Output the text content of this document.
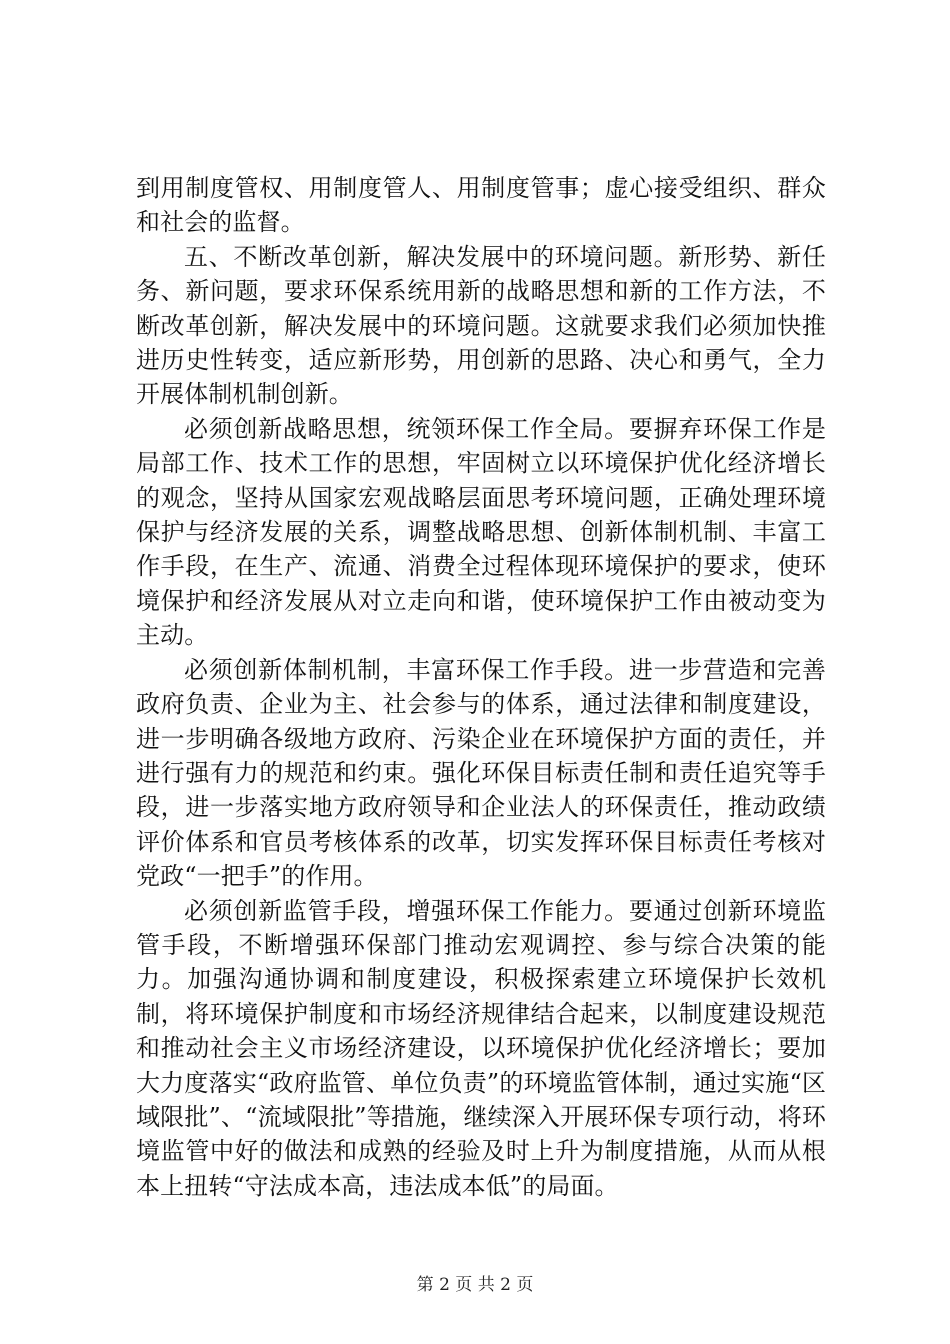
到用制度管权、用制度管人、用制度管事；虚心接受组织、群众和社会的监督。

五、不断改革创新，解决发展中的环境问题。新形势、新任务、新问题，要求环保系统用新的战略思想和新的工作方法，不断改革创新，解决发展中的环境问题。这就要求我们必须加快推进历史性转变，适应新形势，用创新的思路、决心和勇气，全力开展体制机制创新。

必须创新战略思想，统领环保工作全局。要摒弃环保工作是局部工作、技术工作的思想，牢固树立以环境保护优化经济增长的观念，坚持从国家宏观战略层面思考环境问题，正确处理环境保护与经济发展的关系，调整战略思想、创新体制机制、丰富工作手段，在生产、流通、消费全过程体现环境保护的要求，使环境保护和经济发展从对立走向和谐，使环境保护工作由被动变为主动。

必须创新体制机制，丰富环保工作手段。进一步营造和完善政府负责、企业为主、社会参与的体系，通过法律和制度建设，进一步明确各级地方政府、污染企业在环境保护方面的责任，并进行强有力的规范和约束。强化环保目标责任制和责任追究等手段，进一步落实地方政府领导和企业法人的环保责任，推动政绩评价体系和官员考核体系的改革，切实发挥环保目标责任考核对党政“一把手”的作用。

必须创新监管手段，增强环保工作能力。要通过创新环境监管手段，不断增强环保部门推动宏观调控、参与综合决策的能力。加强沟通协调和制度建设，积极探索建立环境保护长效机制，将环境保护制度和市场经济规律结合起来，以制度建设规范和推动社会主义市场经济建设，以环境保护优化经济增长；要加大力度落实“政府监管、单位负责”的环境监管体制，通过实施“区域限批”、“流域限批”等措施，继续深入开展环保专项行动，将环境监管中好的做法和成熟的经验及时上升为制度措施，从而从根本上扭转“守法成本高，违法成本低”的局面。

第 2 页 共 2 页
